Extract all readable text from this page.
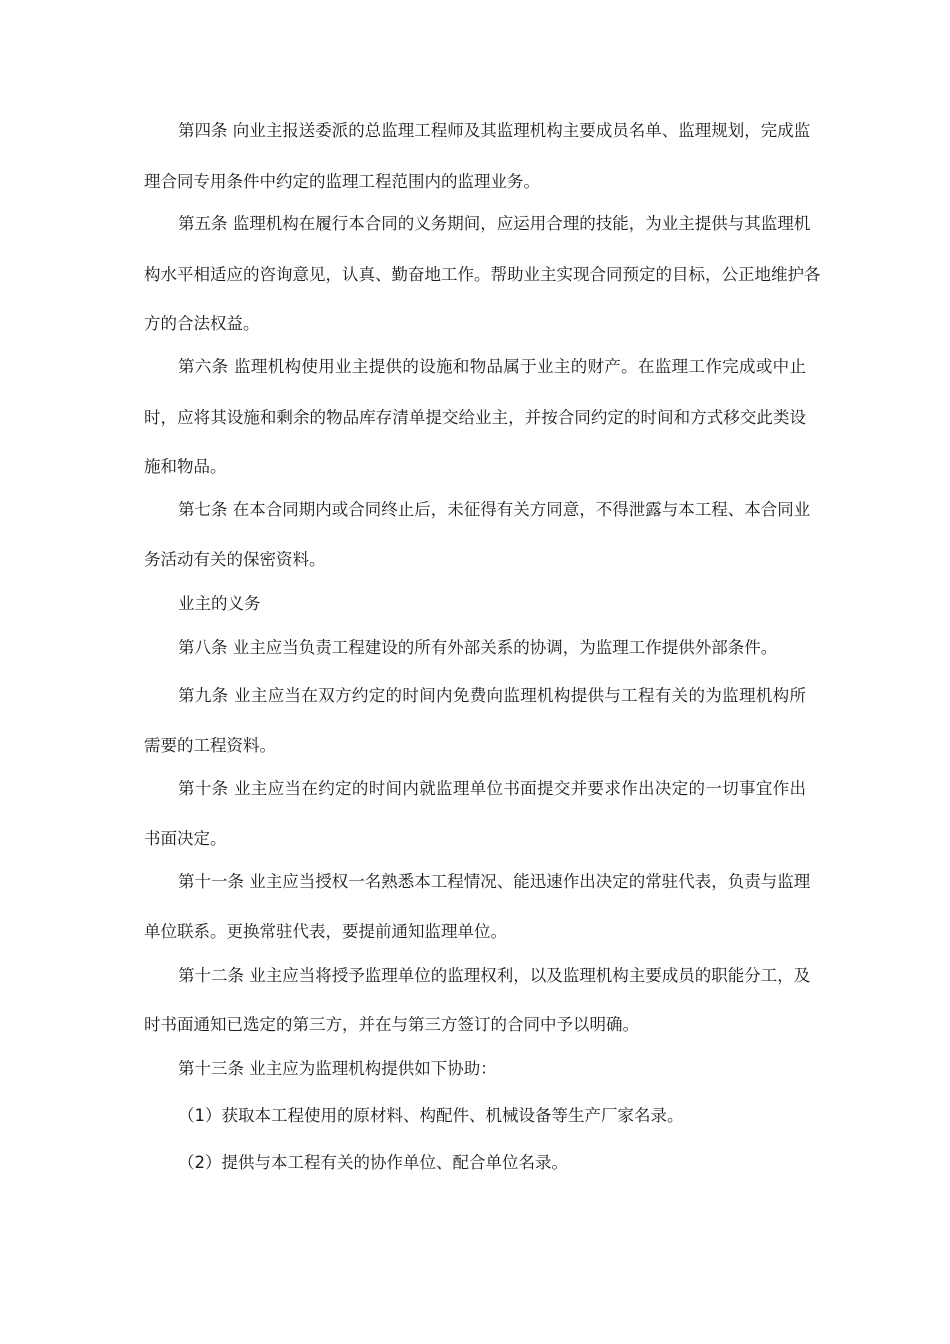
第四条 向业主报送委派的总监理工程师及其监理机构主要成员名单、监理规划，完成监
理合同专用条件中约定的监理工程范围内的监理业务。
第五条 监理机构在履行本合同的义务期间，应运用合理的技能，为业主提供与其监理机
构水平相适应的咨询意见，认真、勤奋地工作。帮助业主实现合同预定的目标，公正地维护各
方的合法权益。
第六条 监理机构使用业主提供的设施和物品属于业主的财产。在监理工作完成或中止
时，应将其设施和剩余的物品库存清单提交给业主，并按合同约定的时间和方式移交此类设
施和物品。
第七条 在本合同期内或合同终止后，未征得有关方同意，不得泄露与本工程、本合同业
务活动有关的保密资料。
业主的义务
第八条 业主应当负责工程建设的所有外部关系的协调，为监理工作提供外部条件。
第九条 业主应当在双方约定的时间内免费向监理机构提供与工程有关的为监理机构所
需要的工程资料。
第十条 业主应当在约定的时间内就监理单位书面提交并要求作出决定的一切事宜作出
书面决定。
第十一条 业主应当授权一名熟悉本工程情况、能迅速作出决定的常驻代表，负责与监理
单位联系。更换常驻代表，要提前通知监理单位。
第十二条 业主应当将授予监理单位的监理权利，以及监理机构主要成员的职能分工，及
时书面通知已选定的第三方，并在与第三方签订的合同中予以明确。
第十三条 业主应为监理机构提供如下协助：
（1）获取本工程使用的原材料、构配件、机械设备等生产厂家名录。
（2）提供与本工程有关的协作单位、配合单位名录。
